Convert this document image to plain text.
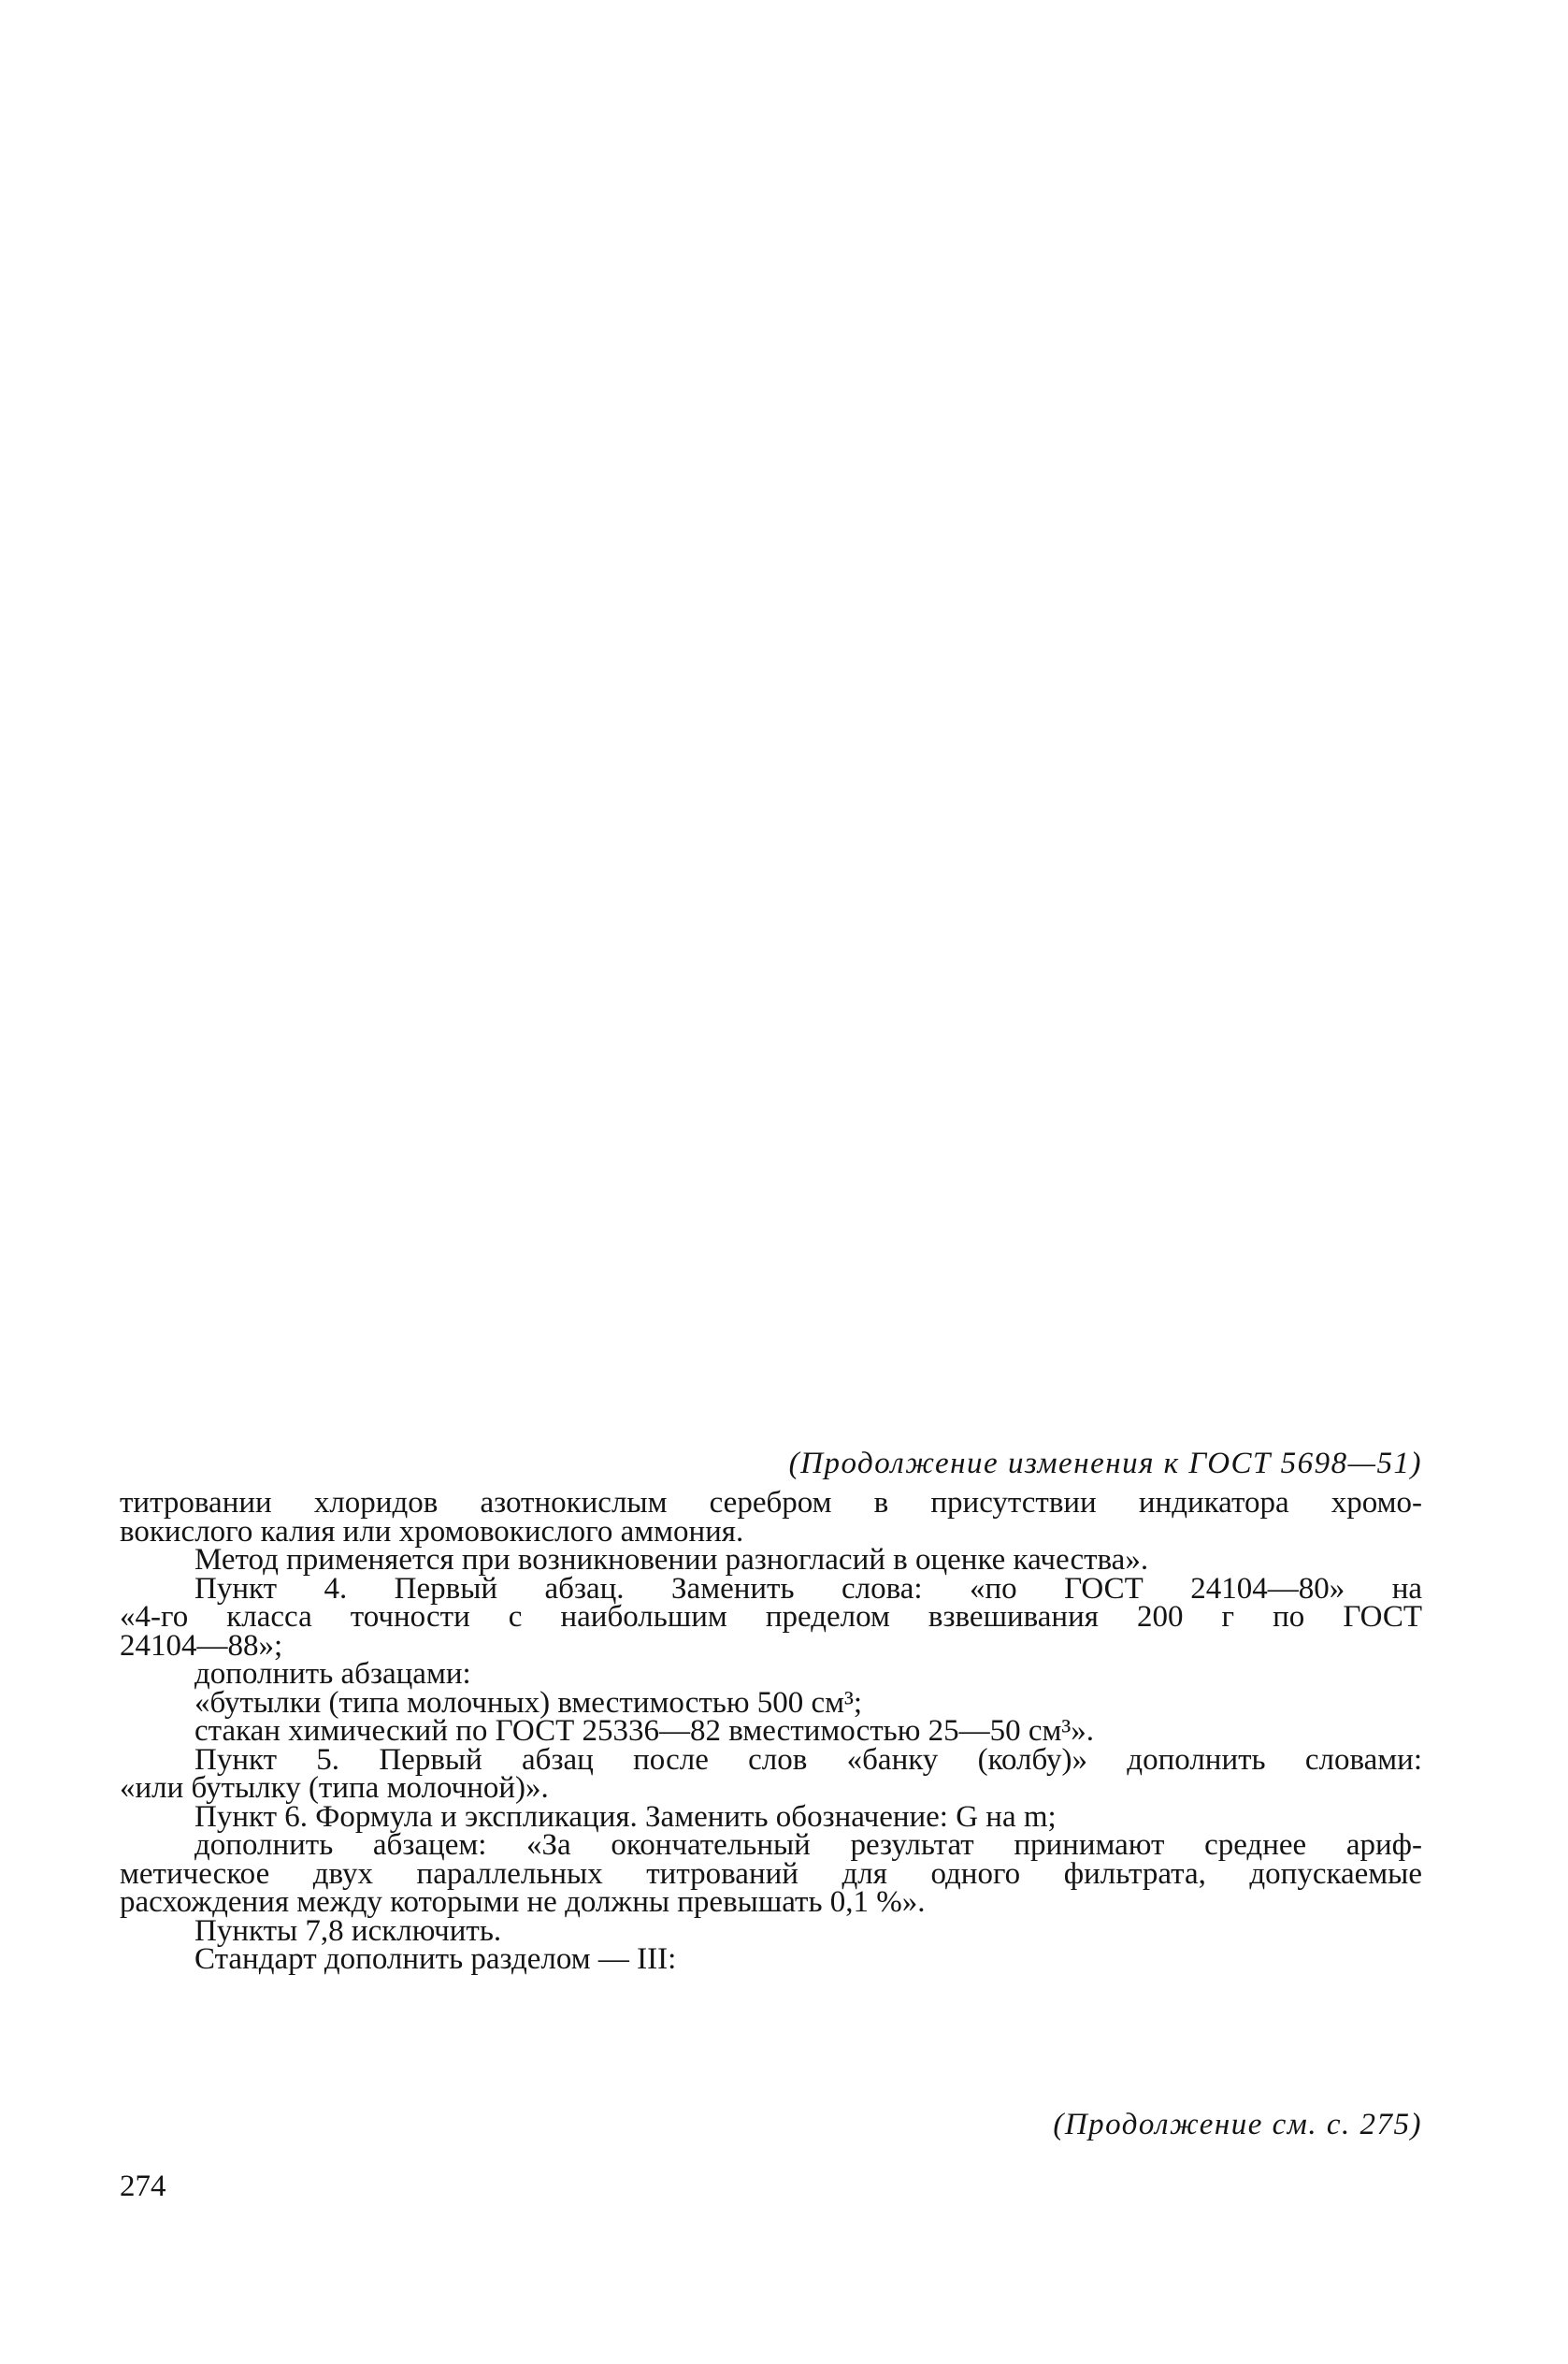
(Продолжение изменения к ГОСТ 5698—51)

титровании хлоридов азотнокислым серебром в присутствии индикатора хромо-
вокислого калия или хромовокислого аммония.

Метод применяется при возникновении разногласий в оценке качества».

Пункт 4. Первый абзац. Заменить слова: «по ГОСТ 24104—80» на
«4-го класса точности с наибольшим пределом взвешивания 200 г по ГОСТ
24104—88»;

дополнить абзацами:
«бутылки (типа молочных) вместимостью 500 см³;
стакан химический по ГОСТ 25336—82 вместимостью 25—50 см³».

Пункт 5. Первый абзац после слов «банку (колбу)» дополнить словами:
«или бутылку (типа молочной)».

Пункт 6. Формула и экспликация. Заменить обозначение: G на m;
дополнить абзацем: «За окончательный результат принимают среднее ариф-
метическое двух параллельных титрований для одного фильтрата, допускаемые
расхождения между которыми не должны превышать 0,1 %».

Пункты 7,8 исключить.
Стандарт дополнить разделом — III:

(Продолжение см. с. 275)
274
